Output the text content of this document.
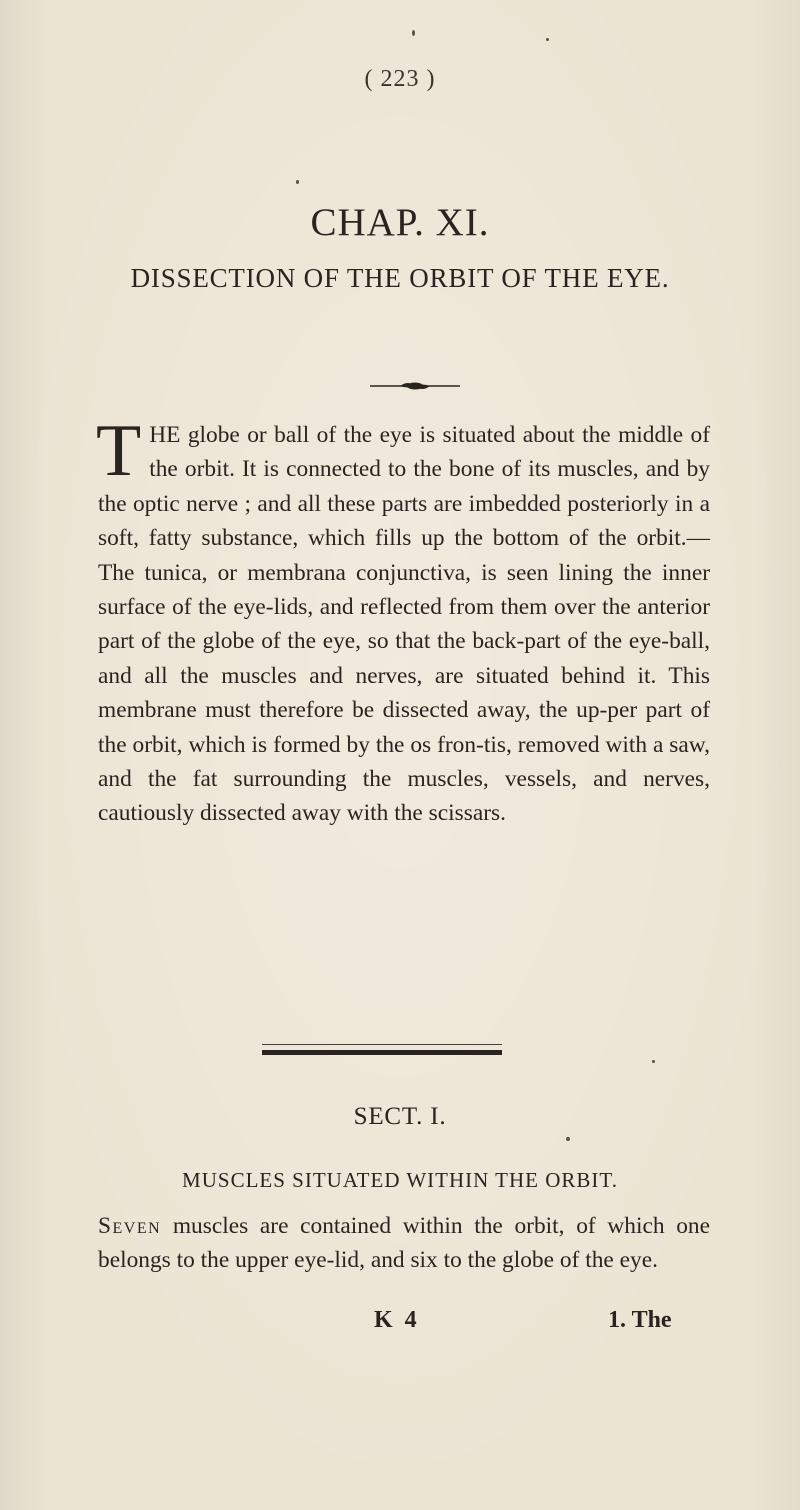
( 223 )
CHAP. XI.
DISSECTION OF THE ORBIT OF THE EYE.

THE globe or ball of the eye is situated about the middle of the orbit. It is connected to the bone of its muscles, and by the optic nerve ; and all these parts are imbedded posteriorly in a soft, fatty substance, which fills up the bottom of the orbit.— The tunica, or membrana conjunctiva, is seen lining the inner surface of the eye-lids, and reflected from them over the anterior part of the globe of the eye, so that the back-part of the eye-ball, and all the muscles and nerves, are situated behind it. This membrane must therefore be dissected away, the up-per part of the orbit, which is formed by the os fron-tis, removed with a saw, and the fat surrounding the muscles, vessels, and nerves, cautiously dissected away with the scissars.

SECT. I.
MUSCLES SITUATED WITHIN THE ORBIT.

Seven muscles are contained within the orbit, of which one belongs to the upper eye-lid, and six to the globe of the eye.

K 4	1. The
